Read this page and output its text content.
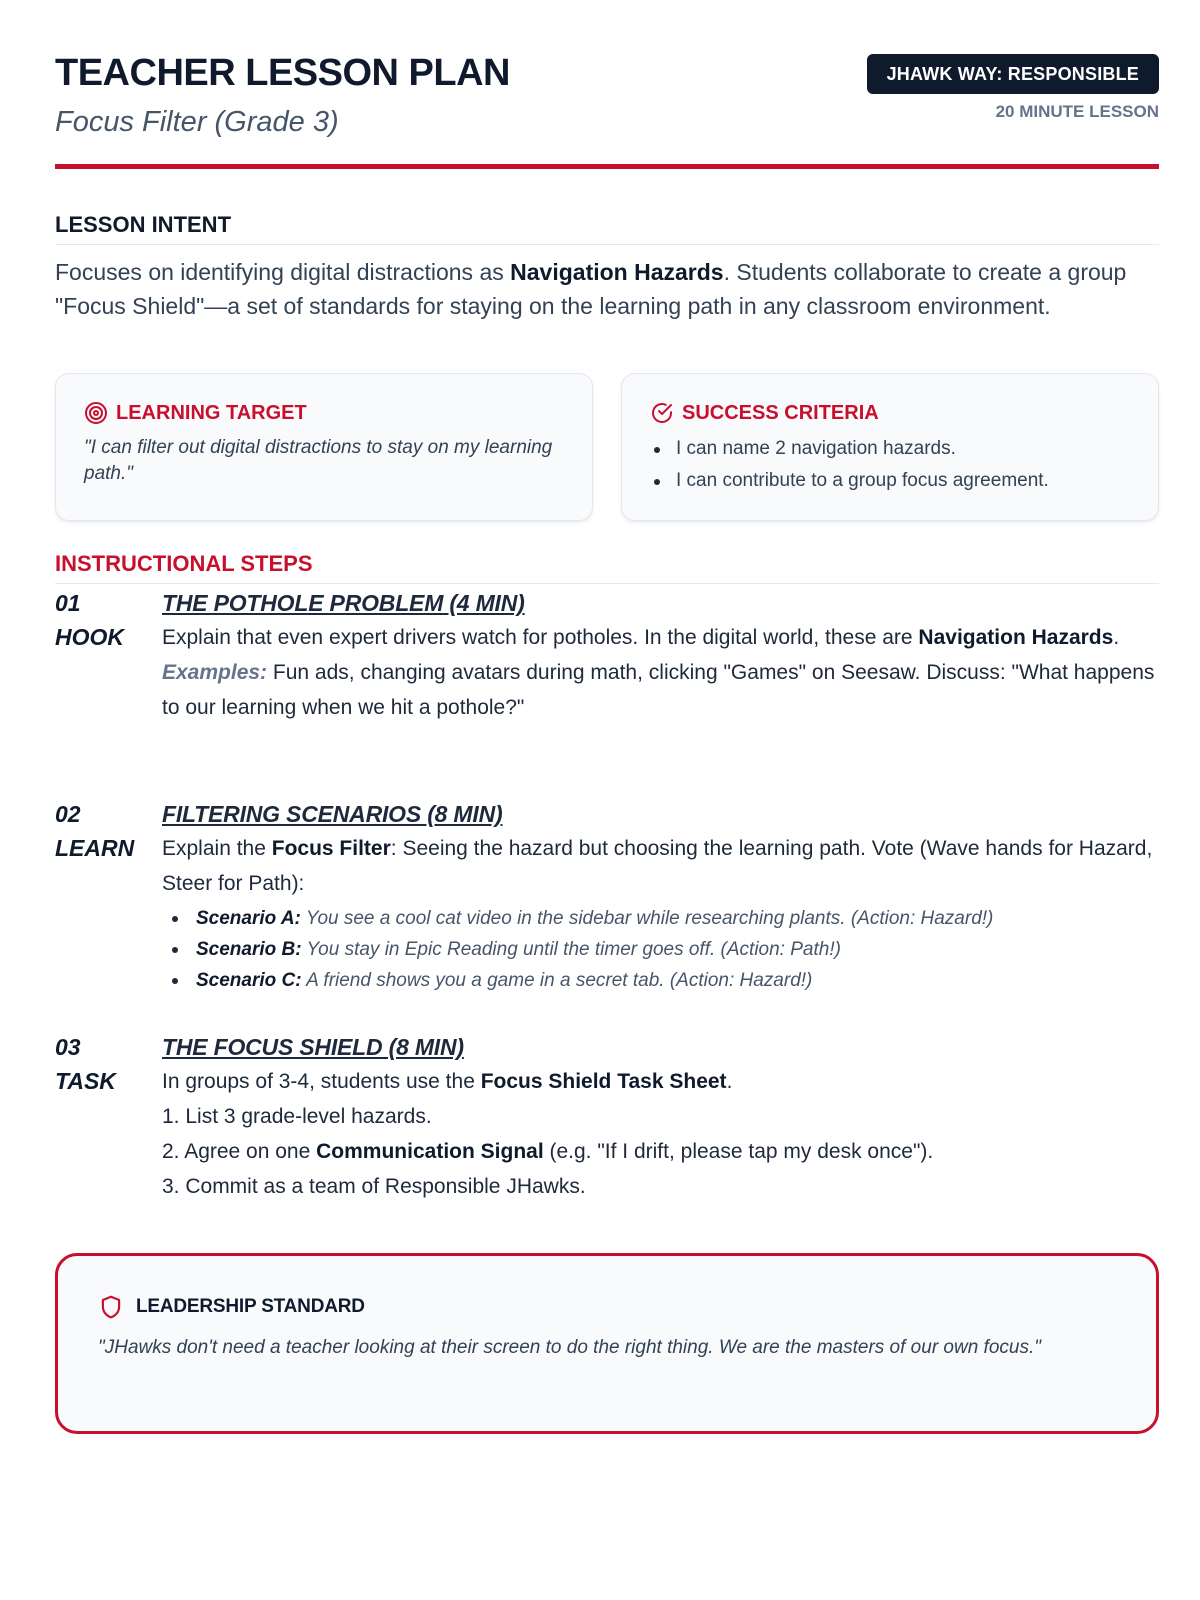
TEACHER LESSON PLAN
Focus Filter (Grade 3)
JHAWK WAY: RESPONSIBLE
20 MINUTE LESSON
LESSON INTENT

Focuses on identifying digital distractions as Navigation Hazards. Students collaborate to create a group "Focus Shield"—a set of standards for staying on the learning path in any classroom environment.

LEARNING TARGET

"I can filter out digital distractions to stay on my learning path."

SUCCESS CRITERIA
I can name 2 navigation hazards.
I can contribute to a group focus agreement.
INSTRUCTIONAL STEPS
01
HOOK
THE POTHOLE PROBLEM (4 MIN)

Explain that even expert drivers watch for potholes. In the digital world, these are Navigation Hazards.

Examples: Fun ads, changing avatars during math, clicking "Games" on Seesaw. Discuss: "What happens to our learning when we hit a pothole?"

02
LEARN
FILTERING SCENARIOS (8 MIN)

Explain the Focus Filter: Seeing the hazard but choosing the learning path. Vote (Wave hands for Hazard, Steer for Path):

Scenario A: You see a cool cat video in the sidebar while researching plants. (Action: Hazard!)
Scenario B: You stay in Epic Reading until the timer goes off. (Action: Path!)
Scenario C: A friend shows you a game in a secret tab. (Action: Hazard!)
03
TASK
THE FOCUS SHIELD (8 MIN)

In groups of 3-4, students use the Focus Shield Task Sheet.

1. List 3 grade-level hazards.

2. Agree on one Communication Signal (e.g. "If I drift, please tap my desk once").

3. Commit as a team of Responsible JHawks.

LEADERSHIP STANDARD

"JHawks don't need a teacher looking at their screen to do the right thing. We are the masters of our own focus."
